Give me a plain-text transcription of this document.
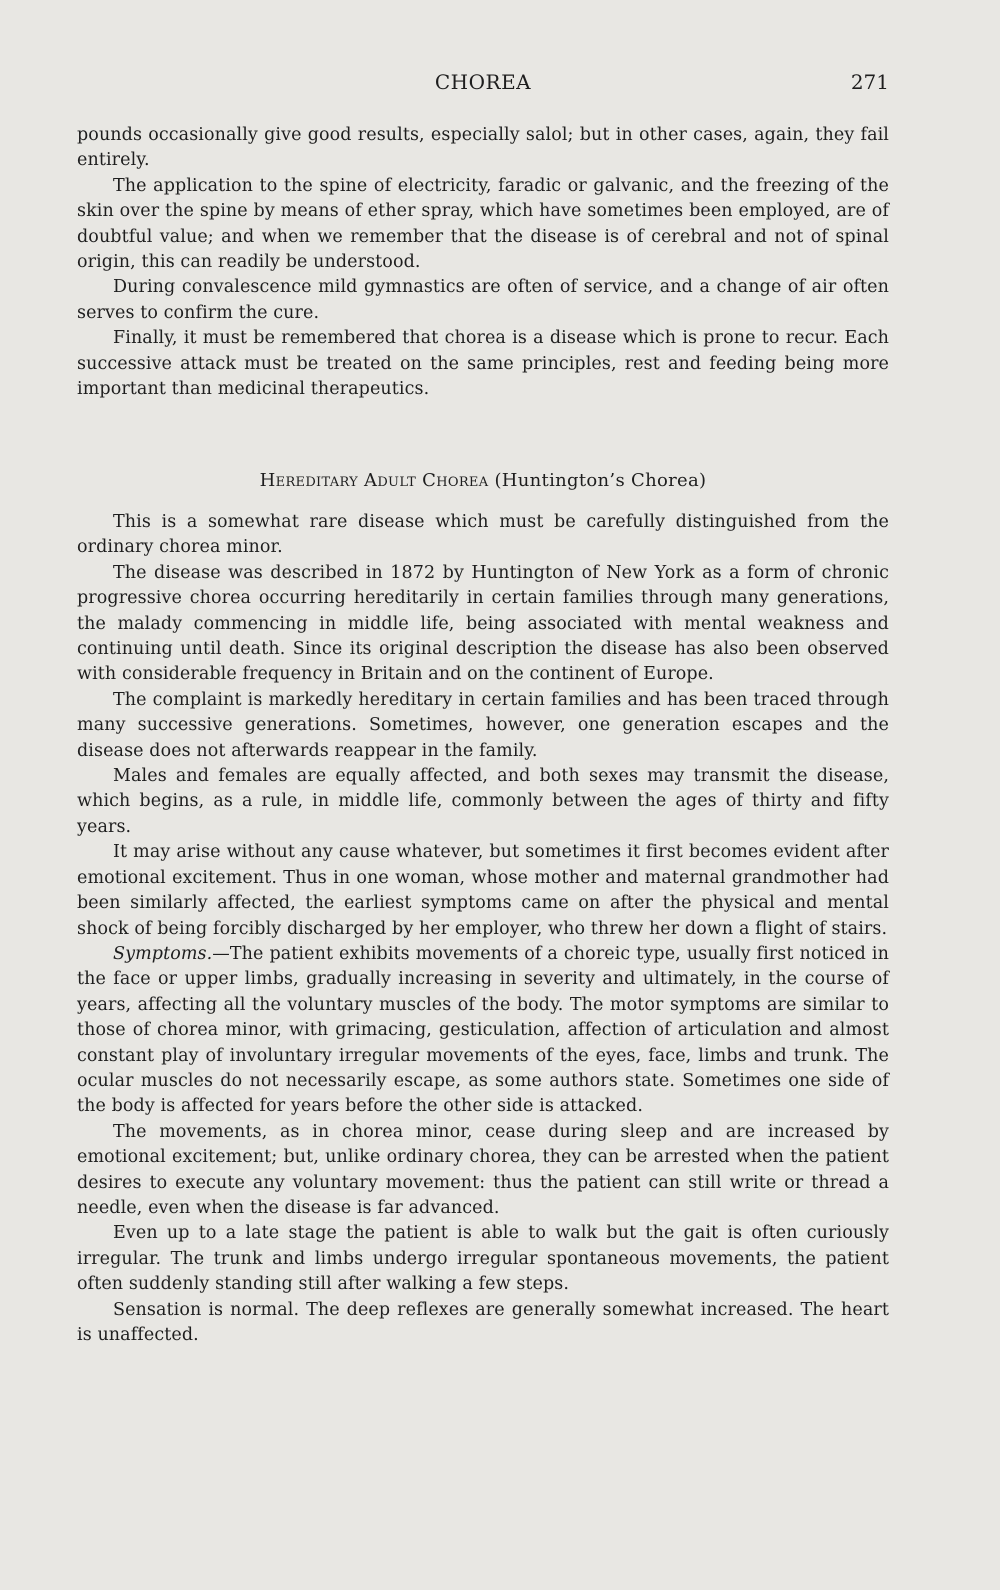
CHOREA	271

pounds occasionally give good results, especially salol; but in other cases, again, they fail entirely.

The application to the spine of electricity, faradic or galvanic, and the freezing of the skin over the spine by means of ether spray, which have sometimes been employed, are of doubtful value; and when we remember that the disease is of cerebral and not of spinal origin, this can readily be understood.

During convalescence mild gymnastics are often of service, and a change of air often serves to confirm the cure.

Finally, it must be remembered that chorea is a disease which is prone to recur. Each successive attack must be treated on the same principles, rest and feeding being more important than medicinal therapeutics.

Hereditary Adult Chorea (Huntington’s Chorea)

This is a somewhat rare disease which must be carefully distinguished from the ordinary chorea minor.

The disease was described in 1872 by Huntington of New York as a form of chronic progressive chorea occurring hereditarily in certain families through many generations, the malady commencing in middle life, being associated with mental weakness and continuing until death. Since its original description the disease has also been observed with considerable frequency in Britain and on the continent of Europe.

The complaint is markedly hereditary in certain families and has been traced through many successive generations. Sometimes, however, one generation escapes and the disease does not afterwards reappear in the family.

Males and females are equally affected, and both sexes may transmit the disease, which begins, as a rule, in middle life, commonly between the ages of thirty and fifty years.

It may arise without any cause whatever, but sometimes it first becomes evident after emotional excitement. Thus in one woman, whose mother and maternal grandmother had been similarly affected, the earliest symptoms came on after the physical and mental shock of being forcibly discharged by her employer, who threw her down a flight of stairs.

Symptoms.—The patient exhibits movements of a choreic type, usually first noticed in the face or upper limbs, gradually increasing in severity and ultimately, in the course of years, affecting all the voluntary muscles of the body. The motor symptoms are similar to those of chorea minor, with grimacing, gesticulation, affection of articulation and almost constant play of involuntary irregular movements of the eyes, face, limbs and trunk. The ocular muscles do not necessarily escape, as some authors state. Sometimes one side of the body is affected for years before the other side is attacked.

The movements, as in chorea minor, cease during sleep and are increased by emotional excitement; but, unlike ordinary chorea, they can be arrested when the patient desires to execute any voluntary movement: thus the patient can still write or thread a needle, even when the disease is far advanced.

Even up to a late stage the patient is able to walk but the gait is often curiously irregular. The trunk and limbs undergo irregular spontaneous movements, the patient often suddenly standing still after walking a few steps.

Sensation is normal. The deep reflexes are generally somewhat increased. The heart is unaffected.
